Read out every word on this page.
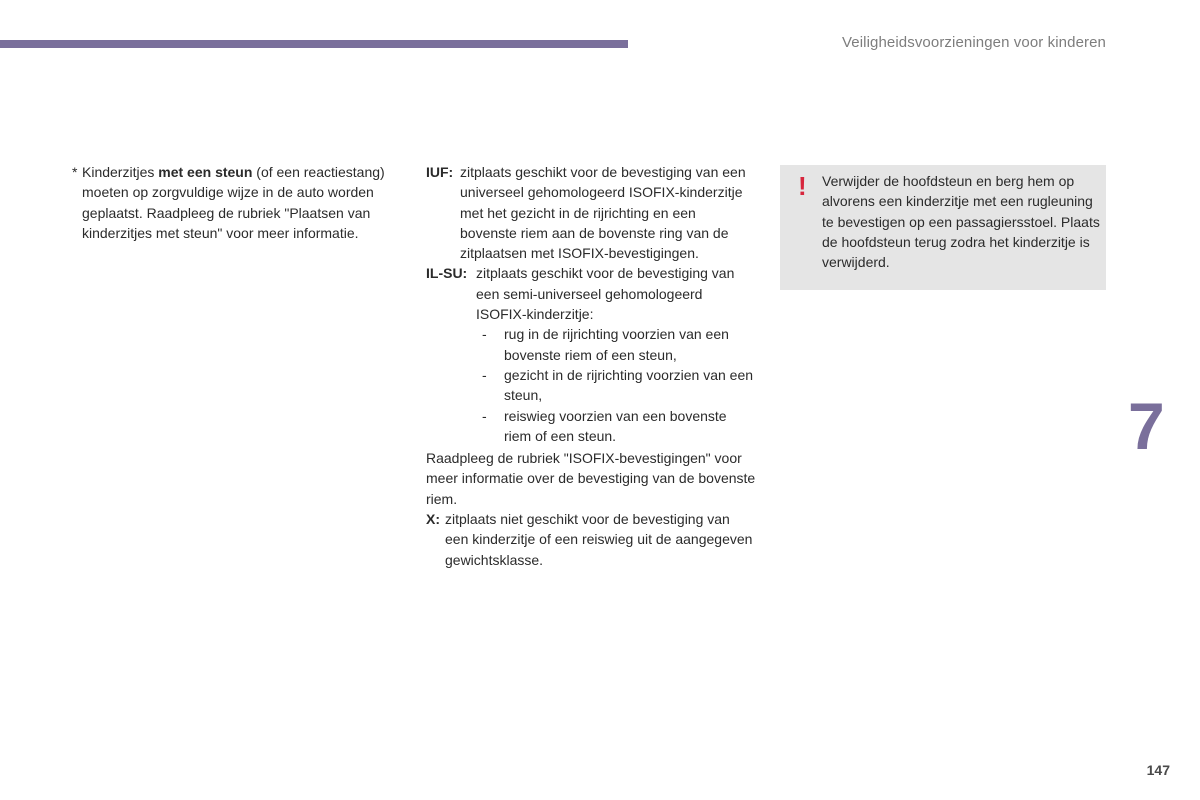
Veiligheidsvoorzieningen voor kinderen
* Kinderzitjes met een steun (of een reactiestang) moeten op zorgvuldige wijze in de auto worden geplaatst. Raadpleeg de rubriek "Plaatsen van kinderzitjes met steun" voor meer informatie.
IUF: zitplaats geschikt voor de bevestiging van een universeel gehomologeerd ISOFIX-kinderzitje met het gezicht in de rijrichting en een bovenste riem aan de bovenste ring van de zitplaatsen met ISOFIX-bevestigingen.
IL-SU: zitplaats geschikt voor de bevestiging van een semi-universeel gehomologeerd ISOFIX-kinderzitje:
-	rug in de rijrichting voorzien van een bovenste riem of een steun,
-	gezicht in de rijrichting voorzien van een steun,
-	reiswieg voorzien van een bovenste riem of een steun.
Raadpleeg de rubriek "ISOFIX-bevestigingen" voor meer informatie over de bevestiging van de bovenste riem.
X: zitplaats niet geschikt voor de bevestiging van een kinderzitje of een reiswieg uit de aangegeven gewichtsklasse.
! Verwijder de hoofdsteun en berg hem op alvorens een kinderzitje met een rugleuning te bevestigen op een passagiersstoel. Plaats de hoofdsteun terug zodra het kinderzitje is verwijderd.
7
147
